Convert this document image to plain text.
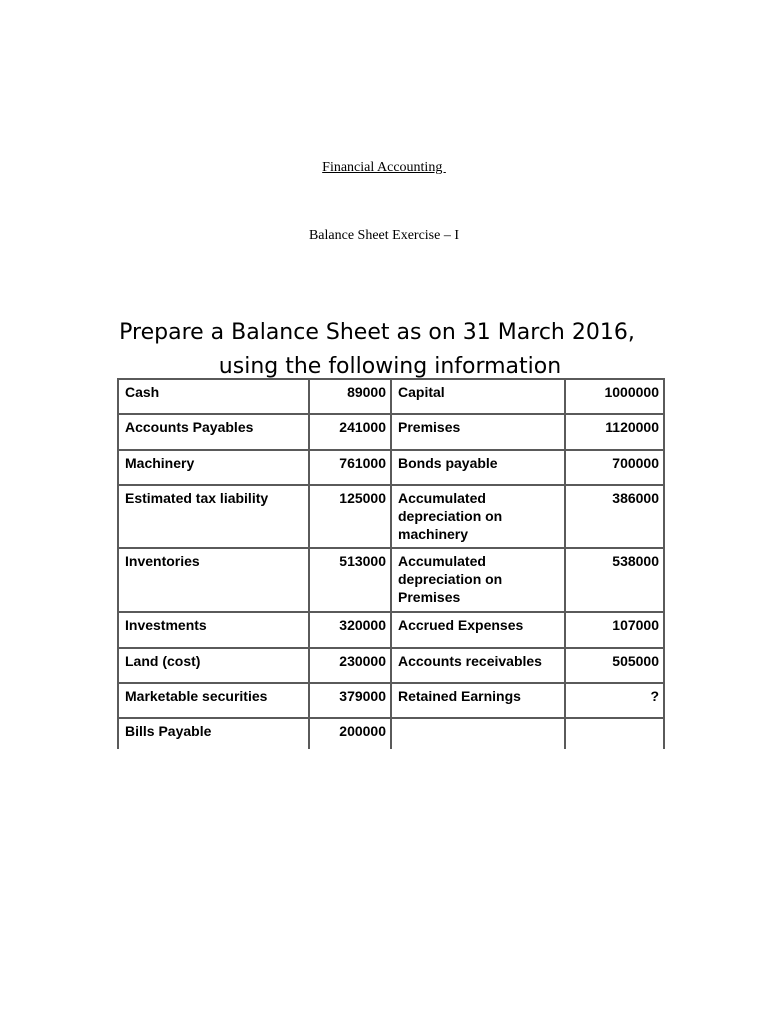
Financial Accounting
Balance Sheet Exercise – I
Prepare a Balance Sheet as on 31 March 2016,
using the following information
Cash	89000	Capital	1000000
Accounts Payables	241000	Premises	1120000
Machinery	761000	Bonds payable	700000
Estimated tax liability	125000	Accumulated depreciation on machinery	386000
Inventories	513000	Accumulated depreciation on Premises	538000
Investments	320000	Accrued Expenses	107000
Land (cost)	230000	Accounts receivables	505000
Marketable securities	379000	Retained Earnings	?
Bills Payable	200000		
